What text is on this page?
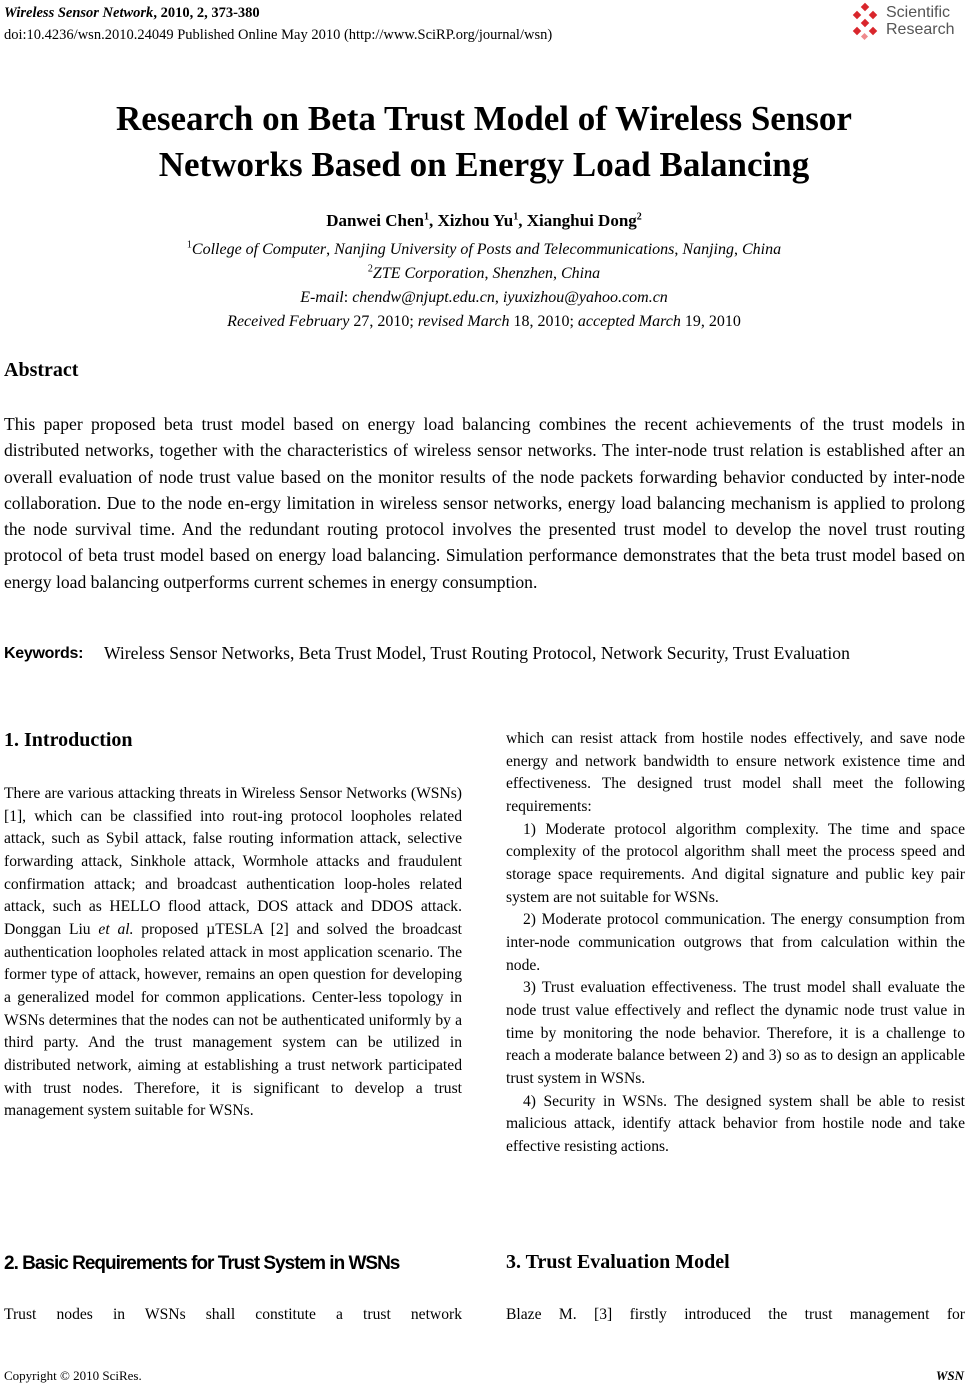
Wireless Sensor Network, 2010, 2, 373-380
doi:10.4236/wsn.2010.24049 Published Online May 2010 (http://www.SciRP.org/journal/wsn)
Scientific
Research
Research on Beta Trust Model of Wireless Sensor
Networks Based on Energy Load Balancing
Danwei Chen$^1$, Xizhou Yu$^1$, Xianghui Dong$^2$
$^1$College of Computer, Nanjing University of Posts and Telecommunications, Nanjing, China
$^2$ZTE Corporation, Shenzhen, China
E-mail: chendw@njupt.edu.cn, iyuxizhou@yahoo.com.cn
Received February 27, 2010; revised March 18, 2010; accepted March 19, 2010
Abstract
This paper proposed beta trust model based on energy load balancing combines the recent achievements of the trust models in distributed networks, together with the characteristics of wireless sensor networks. The inter-node trust relation is established after an overall evaluation of node trust value based on the monitor results of the node packets forwarding behavior conducted by inter-node collaboration. Due to the node en-ergy limitation in wireless sensor networks, energy load balancing mechanism is applied to prolong the node survival time. And the redundant routing protocol involves the presented trust model to develop the novel trust routing protocol of beta trust model based on energy load balancing. Simulation performance demonstrates that the beta trust model based on energy load balancing outperforms current schemes in energy consumption.
Keywords: Wireless Sensor Networks, Beta Trust Model, Trust Routing Protocol, Network Security, Trust Evaluation
1. Introduction

There are various attacking threats in Wireless Sensor Networks (WSNs) [1], which can be classified into rout-ing protocol loopholes related attack, such as Sybil attack, false routing information attack, selective forwarding attack, Sinkhole attack, Wormhole attacks and fraudulent confirmation attack; and broadcast authentication loop-holes related attack, such as HELLO flood attack, DOS attack and DDOS attack. Donggan Liu et al. proposed µTESLA [2] and solved the broadcast authentication loopholes related attack in most application scenario. The former type of attack, however, remains an open question for developing a generalized model for common applications. Center-less topology in WSNs determines that the nodes can not be authenticated uniformly by a third party. And the trust management system can be utilized in distributed network, aiming at establishing a trust network participated with trust nodes. Therefore, it is significant to develop a trust management system suitable for WSNs.

2. Basic Requirements for Trust System in WSNs
Trust nodes in WSNs shall constitute a trust network

which can resist attack from hostile nodes effectively, and save node energy and network bandwidth to ensure network existence time and effectiveness. The designed trust model shall meet the following requirements:

1) Moderate protocol algorithm complexity. The time and space complexity of the protocol algorithm shall meet the process speed and storage space requirements. And digital signature and public key pair system are not suitable for WSNs.

2) Moderate protocol communication. The energy consumption from inter-node communication outgrows that from calculation within the node.

3) Trust evaluation effectiveness. The trust model shall evaluate the node trust value effectively and reflect the dynamic node trust value in time by monitoring the node behavior. Therefore, it is a challenge to reach a moderate balance between 2) and 3) so as to design an applicable trust system in WSNs.

4) Security in WSNs. The designed system shall be able to resist malicious attack, identify attack behavior from hostile node and take effective resisting actions.

3. Trust Evaluation Model
Blaze M. [3] firstly introduced the trust management for
Copyright © 2010 SciRes.	WSN
